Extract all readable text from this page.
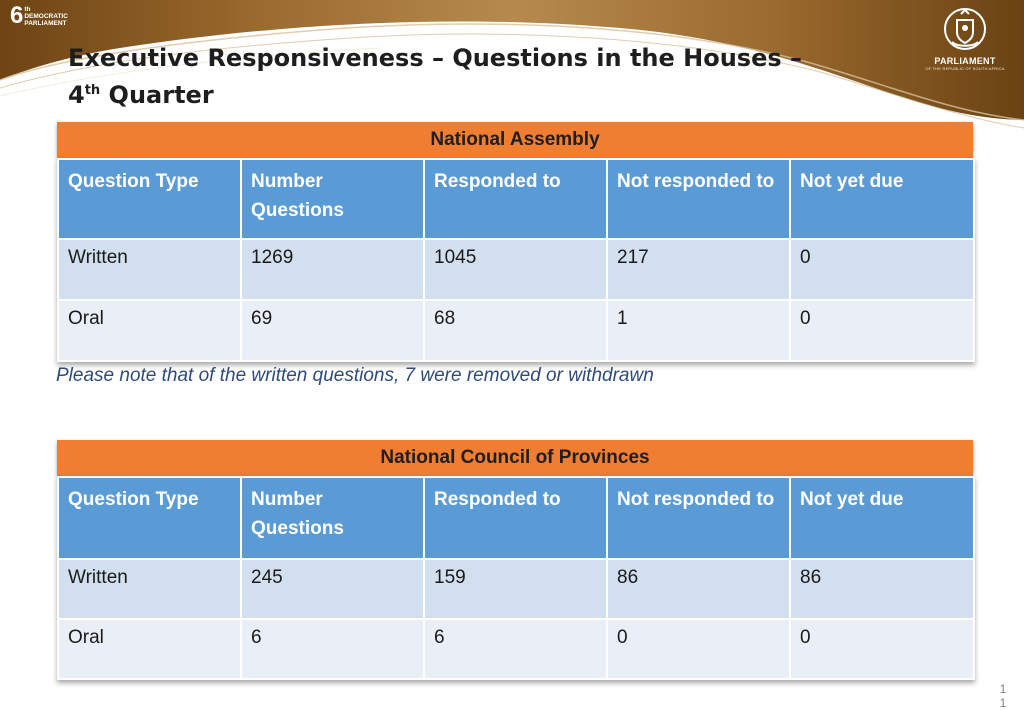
6 th
DEMOCRATIC
PARLIAMENT
PARLIAMENT
OF THE REPUBLIC OF SOUTH AFRICA
Executive Responsiveness – Questions in the Houses –
4th Quarter
National Assembly
Question Type	Number Questions	Responded to	Not responded to	Not yet due
Written	1269	1045	217	0
Oral	69	68	1	0
Please note that of the written questions, 7 were removed or withdrawn
National Council of Provinces
Question Type	Number Questions	Responded to	Not responded to	Not yet due
Written	245	159	86	86
Oral	6	6	0	0
11
